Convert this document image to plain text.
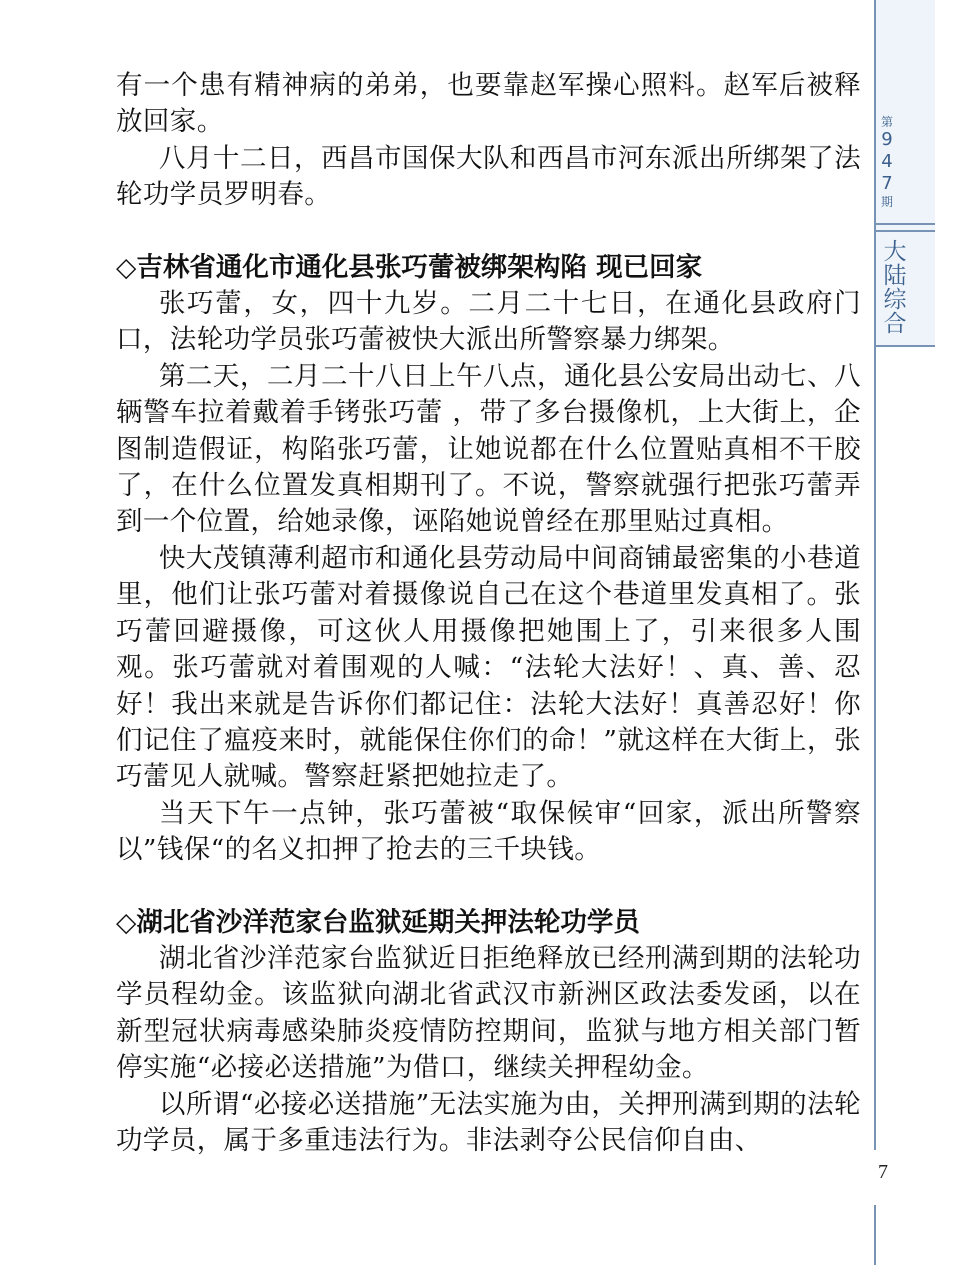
第
9
4
7
期
大
陆
综
合

有一个患有精神病的弟弟，也要靠赵军操心照料。赵军后被释放回家。

八月十二日，西昌市国保大队和西昌市河东派出所绑架了法轮功学员罗明春。

◇吉林省通化市通化县张巧蕾被绑架构陷 现已回家

张巧蕾，女，四十九岁。二月二十七日，在通化县政府门口，法轮功学员张巧蕾被快大派出所警察暴力绑架。

第二天，二月二十八日上午八点，通化县公安局出动七、八辆警车拉着戴着手铐张巧蕾 ，带了多台摄像机，上大街上，企图制造假证，构陷张巧蕾，让她说都在什么位置贴真相不干胶了，在什么位置发真相期刊了。不说，警察就强行把张巧蕾弄到一个位置，给她录像，诬陷她说曾经在那里贴过真相。

快大茂镇薄利超市和通化县劳动局中间商铺最密集的小巷道里，他们让张巧蕾对着摄像说自己在这个巷道里发真相了。张巧蕾回避摄像，可这伙人用摄像把她围上了，引来很多人围观。张巧蕾就对着围观的人喊：“法轮大法好！、真、善、忍好！我出来就是告诉你们都记住：法轮大法好！真善忍好！你们记住了瘟疫来时，就能保住你们的命！”就这样在大街上，张巧蕾见人就喊。警察赶紧把她拉走了。

当天下午一点钟，张巧蕾被“取保候审“回家，派出所警察以”钱保“的名义扣押了抢去的三千块钱。

◇湖北省沙洋范家台监狱延期关押法轮功学员

湖北省沙洋范家台监狱近日拒绝释放已经刑满到期的法轮功学员程幼金。该监狱向湖北省武汉市新洲区政法委发函，以在新型冠状病毒感染肺炎疫情防控期间，监狱与地方相关部门暂停实施“必接必送措施”为借口，继续关押程幼金。

以所谓“必接必送措施”无法实施为由，关押刑满到期的法轮功学员，属于多重违法行为。非法剥夺公民信仰自由、

7
